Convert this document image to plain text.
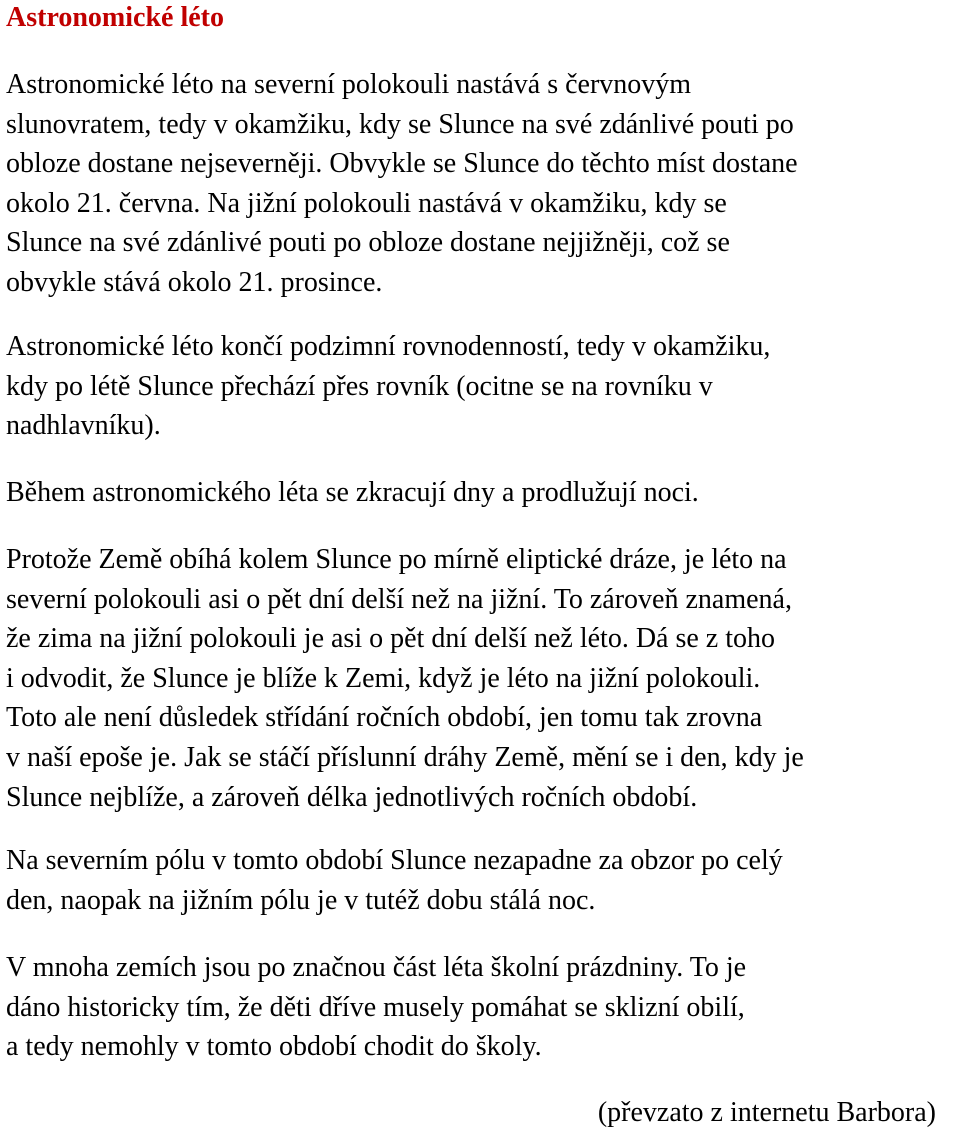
Astronomické léto

Astronomické léto na severní polokouli nastává s červnovým
slunovratem, tedy v okamžiku, kdy se Slunce na své zdánlivé pouti po
obloze dostane nejseverněji. Obvykle se Slunce do těchto míst dostane
okolo 21. června. Na jižní polokouli nastává v okamžiku, kdy se
Slunce na své zdánlivé pouti po obloze dostane nejjižněji, což se
obvykle stává okolo 21. prosince.

Astronomické léto končí podzimní rovnodenností, tedy v okamžiku,
kdy po létě Slunce přechází přes rovník (ocitne se na rovníku v
nadhlavníku).

Během astronomického léta se zkracují dny a prodlužují noci.

Protože Země obíhá kolem Slunce po mírně eliptické dráze, je léto na
severní polokouli asi o pět dní delší než na jižní. To zároveň znamená,
že zima na jižní polokouli je asi o pět dní delší než léto. Dá se z toho
i odvodit, že Slunce je blíže k Zemi, když je léto na jižní polokouli.
Toto ale není důsledek střídání ročních období, jen tomu tak zrovna
v naší epoše je. Jak se stáčí příslunní dráhy Země, mění se i den, kdy je
Slunce nejblíže, a zároveň délka jednotlivých ročních období.

Na severním pólu v tomto období Slunce nezapadne za obzor po celý
den, naopak na jižním pólu je v tutéž dobu stálá noc.

V mnoha zemích jsou po značnou část léta školní prázdniny. To je
dáno historicky tím, že děti dříve musely pomáhat se sklizní obilí,
a tedy nemohly v tomto období chodit do školy.

(převzato z internetu Barbora)
